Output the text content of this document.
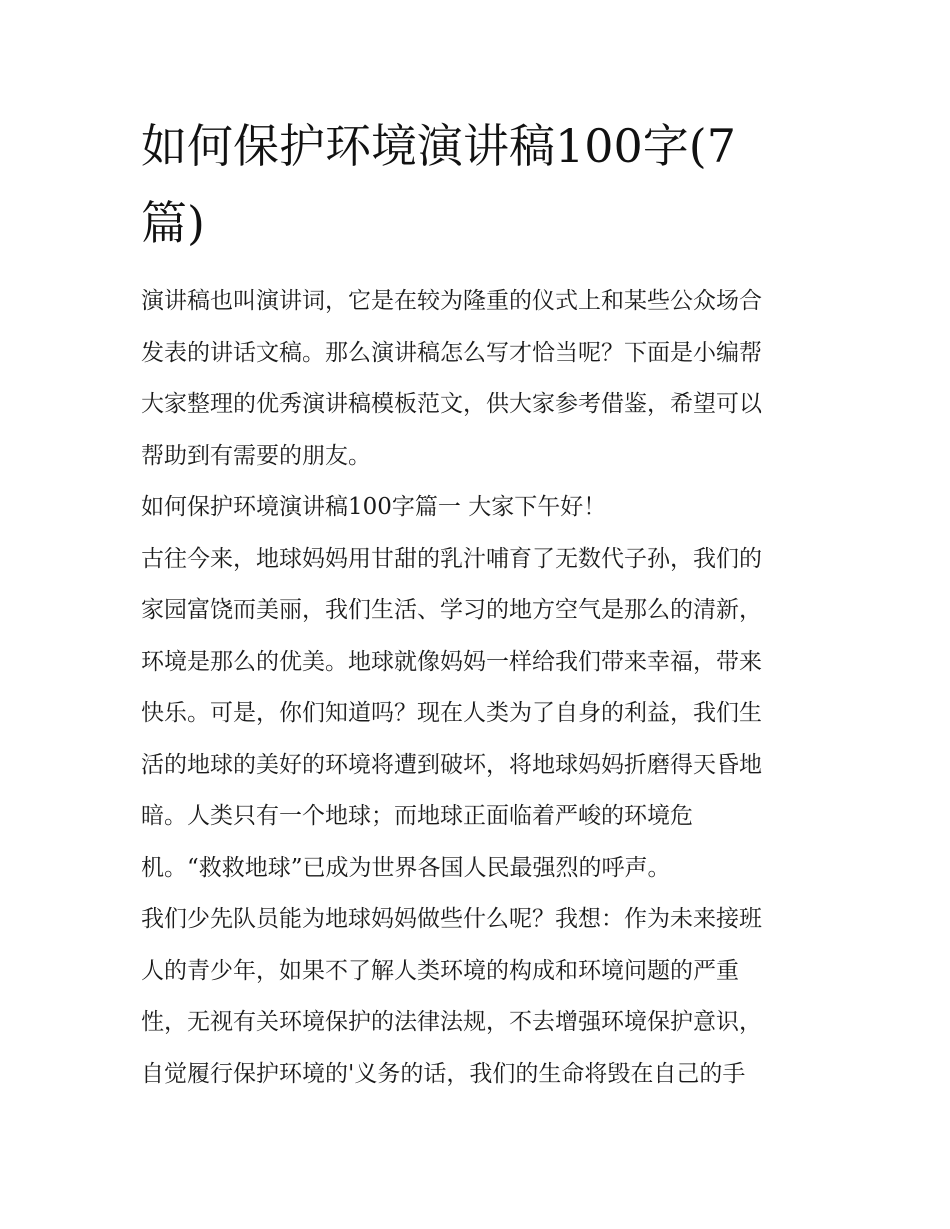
如何保护环境演讲稿100字(7
篇)
演讲稿也叫演讲词，它是在较为隆重的仪式上和某些公众场合
发表的讲话文稿。那么演讲稿怎么写才恰当呢？下面是小编帮
大家整理的优秀演讲稿模板范文，供大家参考借鉴，希望可以
帮助到有需要的朋友。
如何保护环境演讲稿100字篇一 大家下午好！
古往今来，地球妈妈用甘甜的乳汁哺育了无数代子孙，我们的
家园富饶而美丽，我们生活、学习的地方空气是那么的清新，
环境是那么的优美。地球就像妈妈一样给我们带来幸福，带来
快乐。可是，你们知道吗？现在人类为了自身的利益，我们生
活的地球的美好的环境将遭到破坏，将地球妈妈折磨得天昏地
暗。人类只有一个地球；而地球正面临着严峻的环境危
机。“救救地球”已成为世界各国人民最强烈的呼声。
我们少先队员能为地球妈妈做些什么呢？我想：作为未来接班
人的青少年，如果不了解人类环境的构成和环境问题的严重
性，无视有关环境保护的法律法规，不去增强环境保护意识，
自觉履行保护环境的'义务的话，我们的生命将毁在自己的手
